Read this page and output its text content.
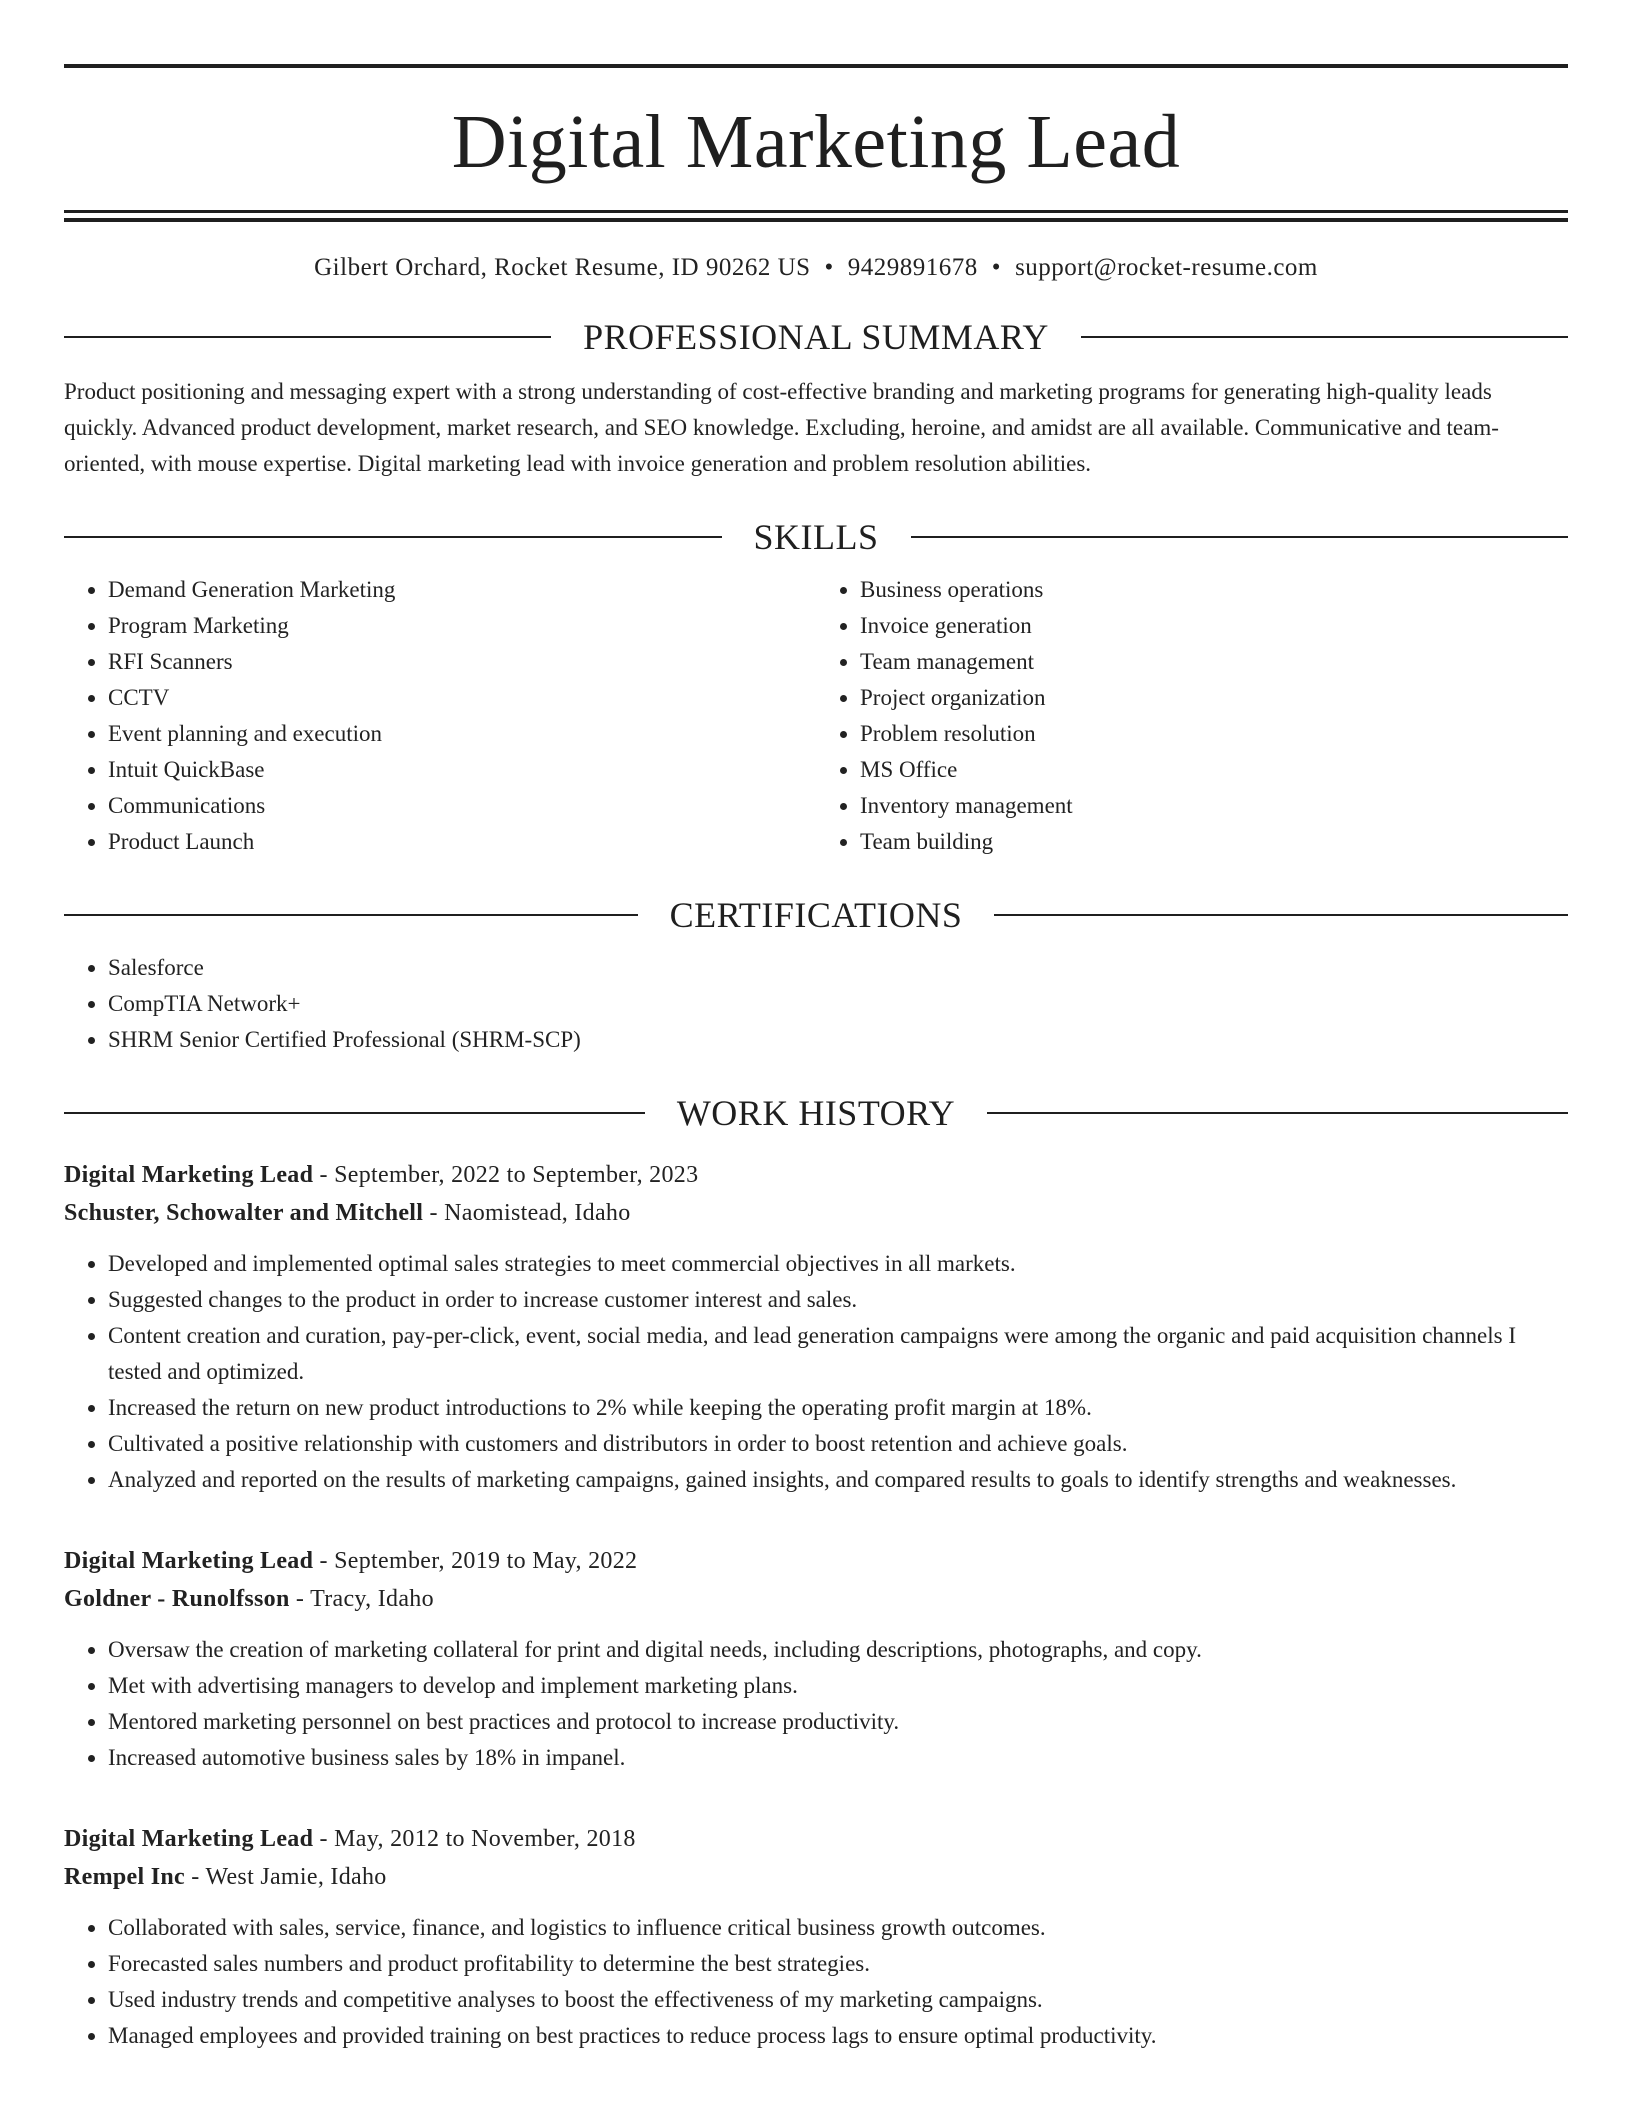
Digital Marketing Lead
Gilbert Orchard, Rocket Resume, ID 90262 US • 9429891678 • support@rocket-resume.com
PROFESSIONAL SUMMARY
Product positioning and messaging expert with a strong understanding of cost-effective branding and marketing programs for generating high-quality leads quickly. Advanced product development, market research, and SEO knowledge. Excluding, heroine, and amidst are all available. Communicative and team-oriented, with mouse expertise. Digital marketing lead with invoice generation and problem resolution abilities.
SKILLS
• Demand Generation Marketing
• Program Marketing
• RFI Scanners
• CCTV
• Event planning and execution
• Intuit QuickBase
• Communications
• Product Launch
• Business operations
• Invoice generation
• Team management
• Project organization
• Problem resolution
• MS Office
• Inventory management
• Team building
CERTIFICATIONS
• Salesforce
• CompTIA Network+
• SHRM Senior Certified Professional (SHRM-SCP)
WORK HISTORY
Digital Marketing Lead - September, 2022 to September, 2023
Schuster, Schowalter and Mitchell - Naomistead, Idaho
• Developed and implemented optimal sales strategies to meet commercial objectives in all markets.
• Suggested changes to the product in order to increase customer interest and sales.
• Content creation and curation, pay-per-click, event, social media, and lead generation campaigns were among the organic and paid acquisition channels I tested and optimized.
• Increased the return on new product introductions to 2% while keeping the operating profit margin at 18%.
• Cultivated a positive relationship with customers and distributors in order to boost retention and achieve goals.
• Analyzed and reported on the results of marketing campaigns, gained insights, and compared results to goals to identify strengths and weaknesses.
Digital Marketing Lead - September, 2019 to May, 2022
Goldner - Runolfsson - Tracy, Idaho
• Oversaw the creation of marketing collateral for print and digital needs, including descriptions, photographs, and copy.
• Met with advertising managers to develop and implement marketing plans.
• Mentored marketing personnel on best practices and protocol to increase productivity.
• Increased automotive business sales by 18% in impanel.
Digital Marketing Lead - May, 2012 to November, 2018
Rempel Inc - West Jamie, Idaho
• Collaborated with sales, service, finance, and logistics to influence critical business growth outcomes.
• Forecasted sales numbers and product profitability to determine the best strategies.
• Used industry trends and competitive analyses to boost the effectiveness of my marketing campaigns.
• Managed employees and provided training on best practices to reduce process lags to ensure optimal productivity.
